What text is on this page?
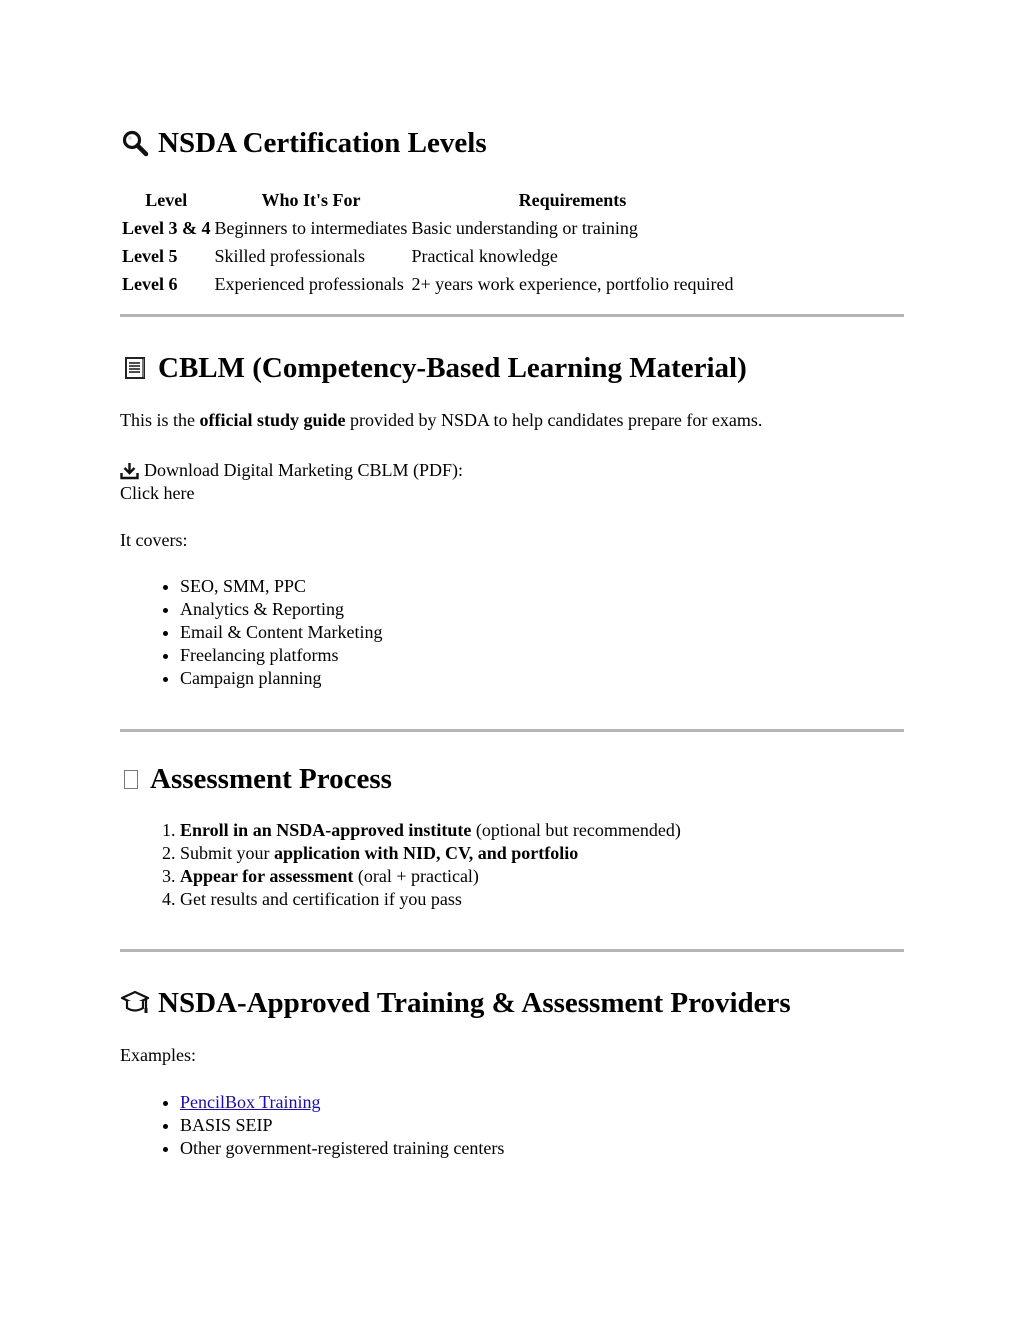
NSDA Certification Levels
Level	Who It's For	Requirements
Level 3 & 4	Beginners to intermediates	Basic understanding or training
Level 5	Skilled professionals	Practical knowledge
Level 6	Experienced professionals	2+ years work experience, portfolio required
CBLM (Competency-Based Learning Material)

This is the official study guide provided by NSDA to help candidates prepare for exams.

Download Digital Marketing CBLM (PDF):

Click here

It covers:

• SEO, SMM, PPC
• Analytics & Reporting
• Email & Content Marketing
• Freelancing platforms
• Campaign planning
Assessment Process
1. Enroll in an NSDA-approved institute (optional but recommended)
2. Submit your application with NID, CV, and portfolio
3. Appear for assessment (oral + practical)
4. Get results and certification if you pass
NSDA-Approved Training & Assessment Providers

Examples:

• PencilBox Training
• BASIS SEIP
• Other government-registered training centers
